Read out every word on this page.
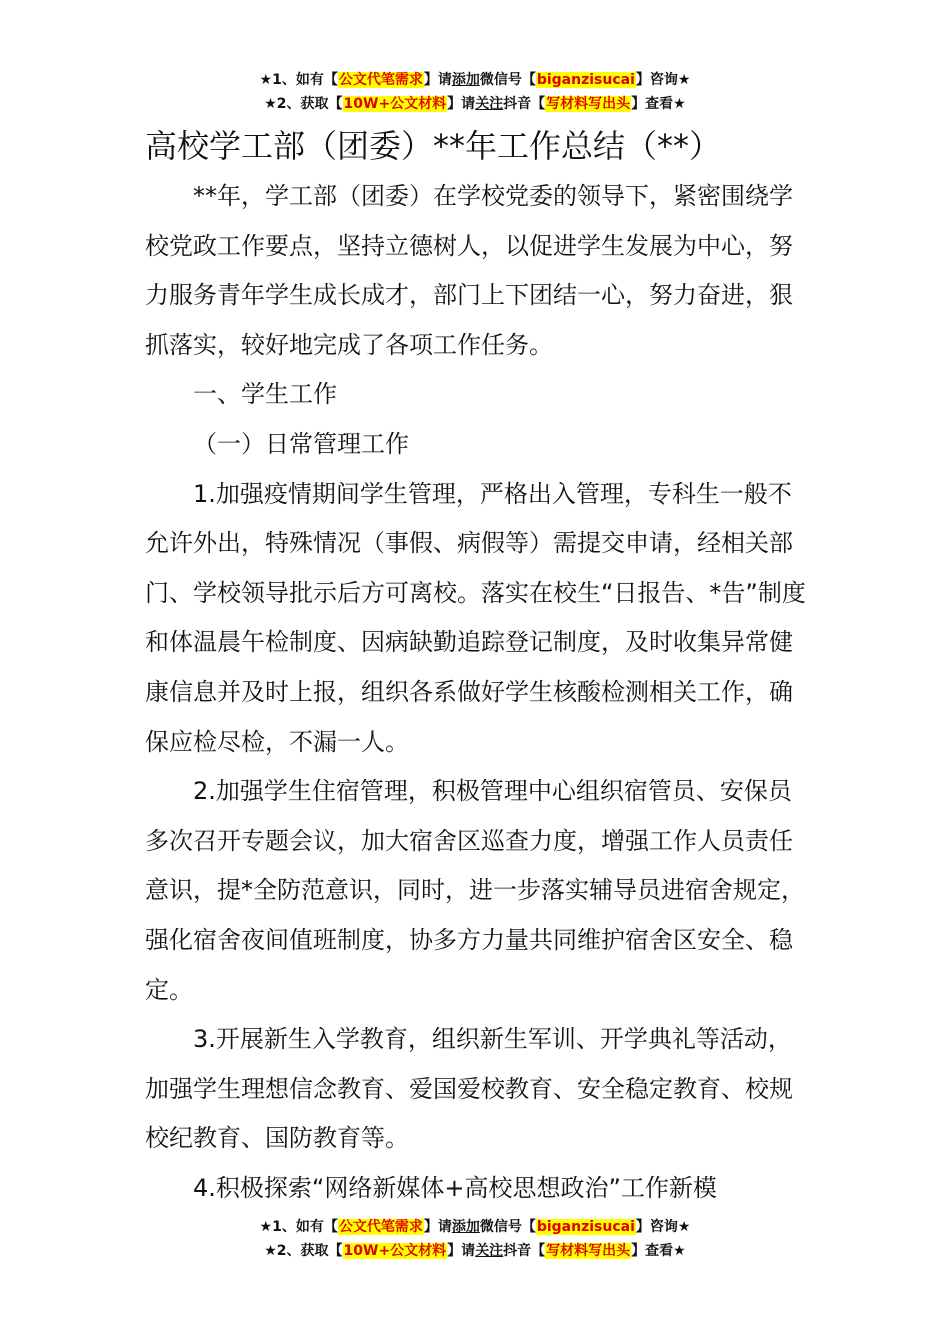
★1、如有【公文代笔需求】请添加微信号【biganzisucai】咨询★
★2、获取【10W+公文材料】请关注抖音【写材料写出头】查看★
高校学工部（团委）**年工作总结（**）

**年，学工部（团委）在学校党委的领导下，紧密围绕学校党政工作要点，坚持立德树人，以促进学生发展为中心，努力服务青年学生成长成才，部门上下团结一心，努力奋进，狠抓落实，较好地完成了各项工作任务。

一、学生工作

（一）日常管理工作

1.加强疫情期间学生管理，严格出入管理，专科生一般不允许外出，特殊情况（事假、病假等）需提交申请，经相关部门、学校领导批示后方可离校。落实在校生“日报告、*告”制度和体温晨午检制度、因病缺勤追踪登记制度，及时收集异常健康信息并及时上报，组织各系做好学生核酸检测相关工作，确保应检尽检，不漏一人。

2.加强学生住宿管理，积极管理中心组织宿管员、安保员多次召开专题会议，加大宿舍区巡查力度，增强工作人员责任意识，提*全防范意识，同时，进一步落实辅导员进宿舍规定，强化宿舍夜间值班制度，协多方力量共同维护宿舍区安全、稳定。

3.开展新生入学教育，组织新生军训、开学典礼等活动，加强学生理想信念教育、爱国爱校教育、安全稳定教育、校规校纪教育、国防教育等。

4.积极探索“网络新媒体+高校思想政治”工作新模

★1、如有【公文代笔需求】请添加微信号【biganzisucai】咨询★
★2、获取【10W+公文材料】请关注抖音【写材料写出头】查看★
